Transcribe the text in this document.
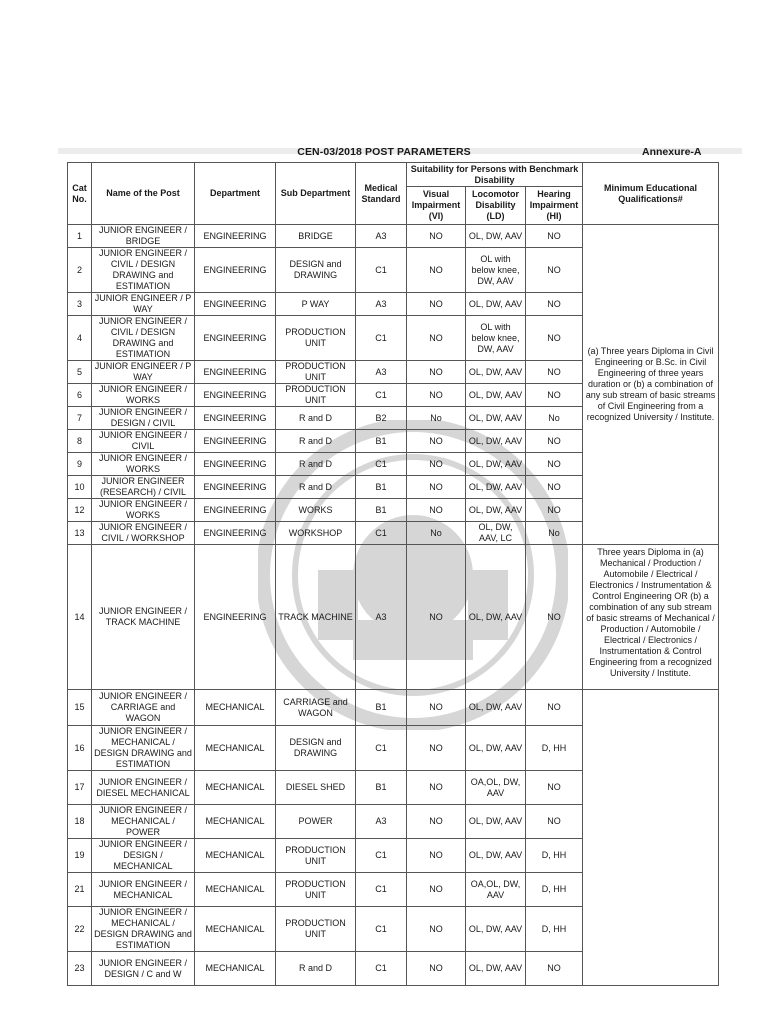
CEN-03/2018 POST PARAMETERS	Annexure-A
Cat No.	Name of the Post	Department	Sub Department	Medical Standard	Suitability for Persons with Benchmark Disability			Minimum Educational Qualifications#
					Visual Impairment (VI)	Locomotor Disability (LD)	Hearing Impairment (HI)	
1	JUNIOR ENGINEER / BRIDGE	ENGINEERING	BRIDGE	A3	NO	OL, DW, AAV	NO	(a) Three years Diploma in Civil Engineering or B.Sc. in Civil Engineering of three years duration or (b) a combination of any sub stream of basic streams of Civil Engineering from a recognized University / Institute.
2	JUNIOR ENGINEER / CIVIL / DESIGN DRAWING and ESTIMATION	ENGINEERING	DESIGN and DRAWING	C1	NO	OL with below knee, DW, AAV	NO	
3	JUNIOR ENGINEER / P WAY	ENGINEERING	P WAY	A3	NO	OL, DW, AAV	NO	
4	JUNIOR ENGINEER / CIVIL / DESIGN DRAWING and ESTIMATION	ENGINEERING	PRODUCTION UNIT	C1	NO	OL with below knee, DW, AAV	NO	
5	JUNIOR ENGINEER / P WAY	ENGINEERING	PRODUCTION UNIT	A3	NO	OL, DW, AAV	NO	
6	JUNIOR ENGINEER / WORKS	ENGINEERING	PRODUCTION UNIT	C1	NO	OL, DW, AAV	NO	
7	JUNIOR ENGINEER / DESIGN / CIVIL	ENGINEERING	R and D	B2	No	OL, DW, AAV	No	
8	JUNIOR ENGINEER / CIVIL	ENGINEERING	R and D	B1	NO	OL, DW, AAV	NO	
9	JUNIOR ENGINEER / WORKS	ENGINEERING	R and D	C1	NO	OL, DW, AAV	NO	
10	JUNIOR ENGINEER (RESEARCH) / CIVIL	ENGINEERING	R and D	B1	NO	OL, DW, AAV	NO	
12	JUNIOR ENGINEER / WORKS	ENGINEERING	WORKS	B1	NO	OL, DW, AAV	NO	
13	JUNIOR ENGINEER / CIVIL / WORKSHOP	ENGINEERING	WORKSHOP	C1	No	OL, DW, AAV, LC	No	
14	JUNIOR ENGINEER / TRACK MACHINE	ENGINEERING	TRACK MACHINE	A3	NO	OL, DW, AAV	NO	Three years Diploma in (a) Mechanical / Production / Automobile / Electrical / Electronics / Instrumentation & Control Engineering OR (b) a combination of any sub stream of basic streams of Mechanical / Production / Automobile / Electrical / Electronics / Instrumentation & Control Engineering from a recognized University / Institute.
15	JUNIOR ENGINEER / CARRIAGE and WAGON	MECHANICAL	CARRIAGE and WAGON	B1	NO	OL, DW, AAV	NO	
16	JUNIOR ENGINEER / MECHANICAL / DESIGN DRAWING and ESTIMATION	MECHANICAL	DESIGN and DRAWING	C1	NO	OL, DW, AAV	D, HH	
17	JUNIOR ENGINEER / DIESEL MECHANICAL	MECHANICAL	DIESEL SHED	B1	NO	OA,OL, DW, AAV	NO	
18	JUNIOR ENGINEER / MECHANICAL / POWER	MECHANICAL	POWER	A3	NO	OL, DW, AAV	NO	
19	JUNIOR ENGINEER / DESIGN / MECHANICAL	MECHANICAL	PRODUCTION UNIT	C1	NO	OL, DW, AAV	D, HH	
21	JUNIOR ENGINEER / MECHANICAL	MECHANICAL	PRODUCTION UNIT	C1	NO	OA,OL, DW, AAV	D, HH	
22	JUNIOR ENGINEER / MECHANICAL / DESIGN DRAWING and ESTIMATION	MECHANICAL	PRODUCTION UNIT	C1	NO	OL, DW, AAV	D, HH	
23	JUNIOR ENGINEER / DESIGN / C and W	MECHANICAL	R and D	C1	NO	OL, DW, AAV	NO	
